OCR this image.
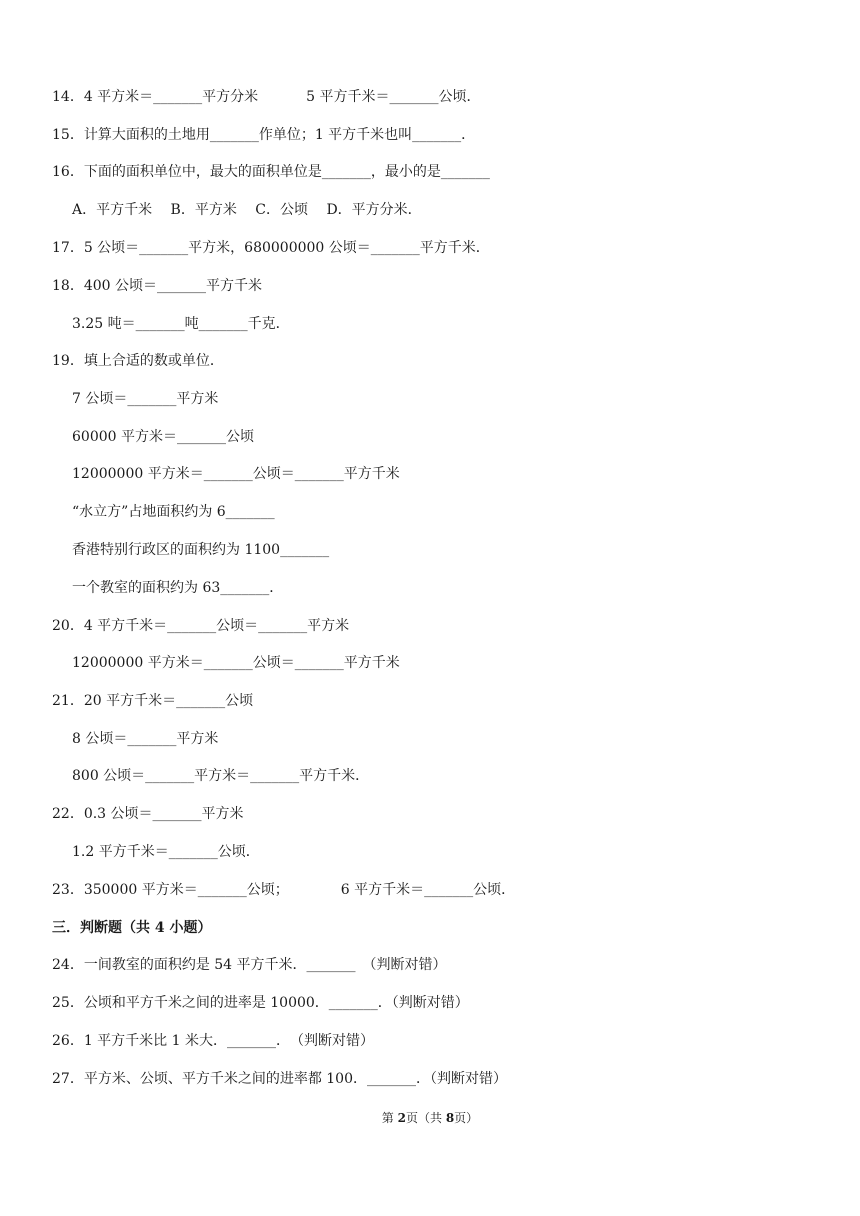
14．4 平方米＝_______平方分米	5 平方千米＝_______公顷．
15．计算大面积的土地用_______作单位；1 平方千米也叫_______．
16．下面的面积单位中，最大的面积单位是_______，最小的是_______
A．平方千米　 B．平方米　 C．公顷　 D．平方分米．
17．5 公顷＝_______平方米，680000000 公顷＝_______平方千米．
18．400 公顷＝_______平方千米
3.25 吨＝_______吨_______千克．
19．填上合适的数或单位．
7 公顷＝_______平方米
60000 平方米＝_______公顷
12000000 平方米＝_______公顷＝_______平方千米
“水立方”占地面积约为 6_______
香港特别行政区的面积约为 1100_______
一个教室的面积约为 63_______．
20．4 平方千米＝_______公顷＝_______平方米
12000000 平方米＝_______公顷＝_______平方千米
21．20 平方千米＝_______公顷
8 公顷＝_______平方米
800 公顷＝_______平方米＝_______平方千米．
22．0.3 公顷＝_______平方米
1.2 平方千米＝_______公顷．
23．350000 平方米＝_______公顷；	6 平方千米＝_______公顷．
三．判断题（共 4 小题）
24．一间教室的面积约是 54 平方千米．_______　（判断对错）
25．公顷和平方千米之间的进率是 10000．_______．（判断对错）
26．1 平方千米比 1 米大．_______．　（判断对错）
27．平方米、公顷、平方千米之间的进率都 100．_______．（判断对错）
第 2页（共 8页）
